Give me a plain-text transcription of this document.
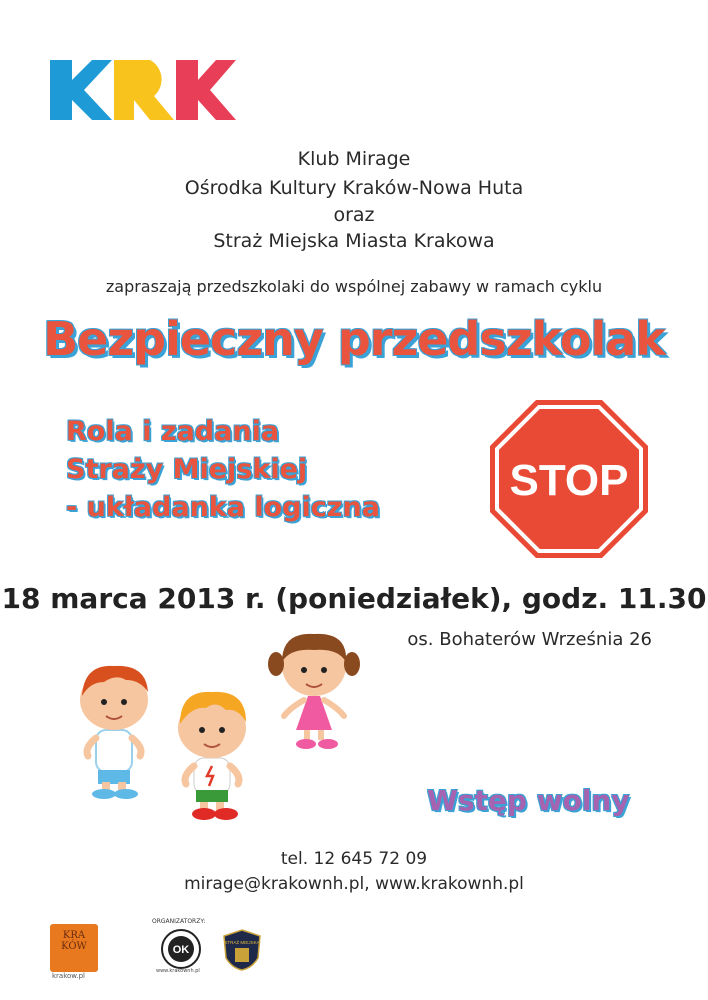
Klub Mirage
Ośrodka Kultury Kraków-Nowa Huta
oraz
Straż Miejska Miasta Krakowa
zapraszają przedszkolaki do wspólnej zabawy w ramach cyklu
Bezpieczny przedszkolak
Rola i zadania
Straży Miejskiej
- układanka logiczna
STOP
18 marca 2013 r. (poniedziałek), godz. 11.30
os. Bohaterów Września 26
Wstęp wolny
tel. 12 645 72 09
mirage@krakownh.pl, www.krakownh.pl
KRA KÓW
krakow.pl
ORGANIZATORZY:
OK
www.krakownh.pl
STRAŻ MIEJSKA
